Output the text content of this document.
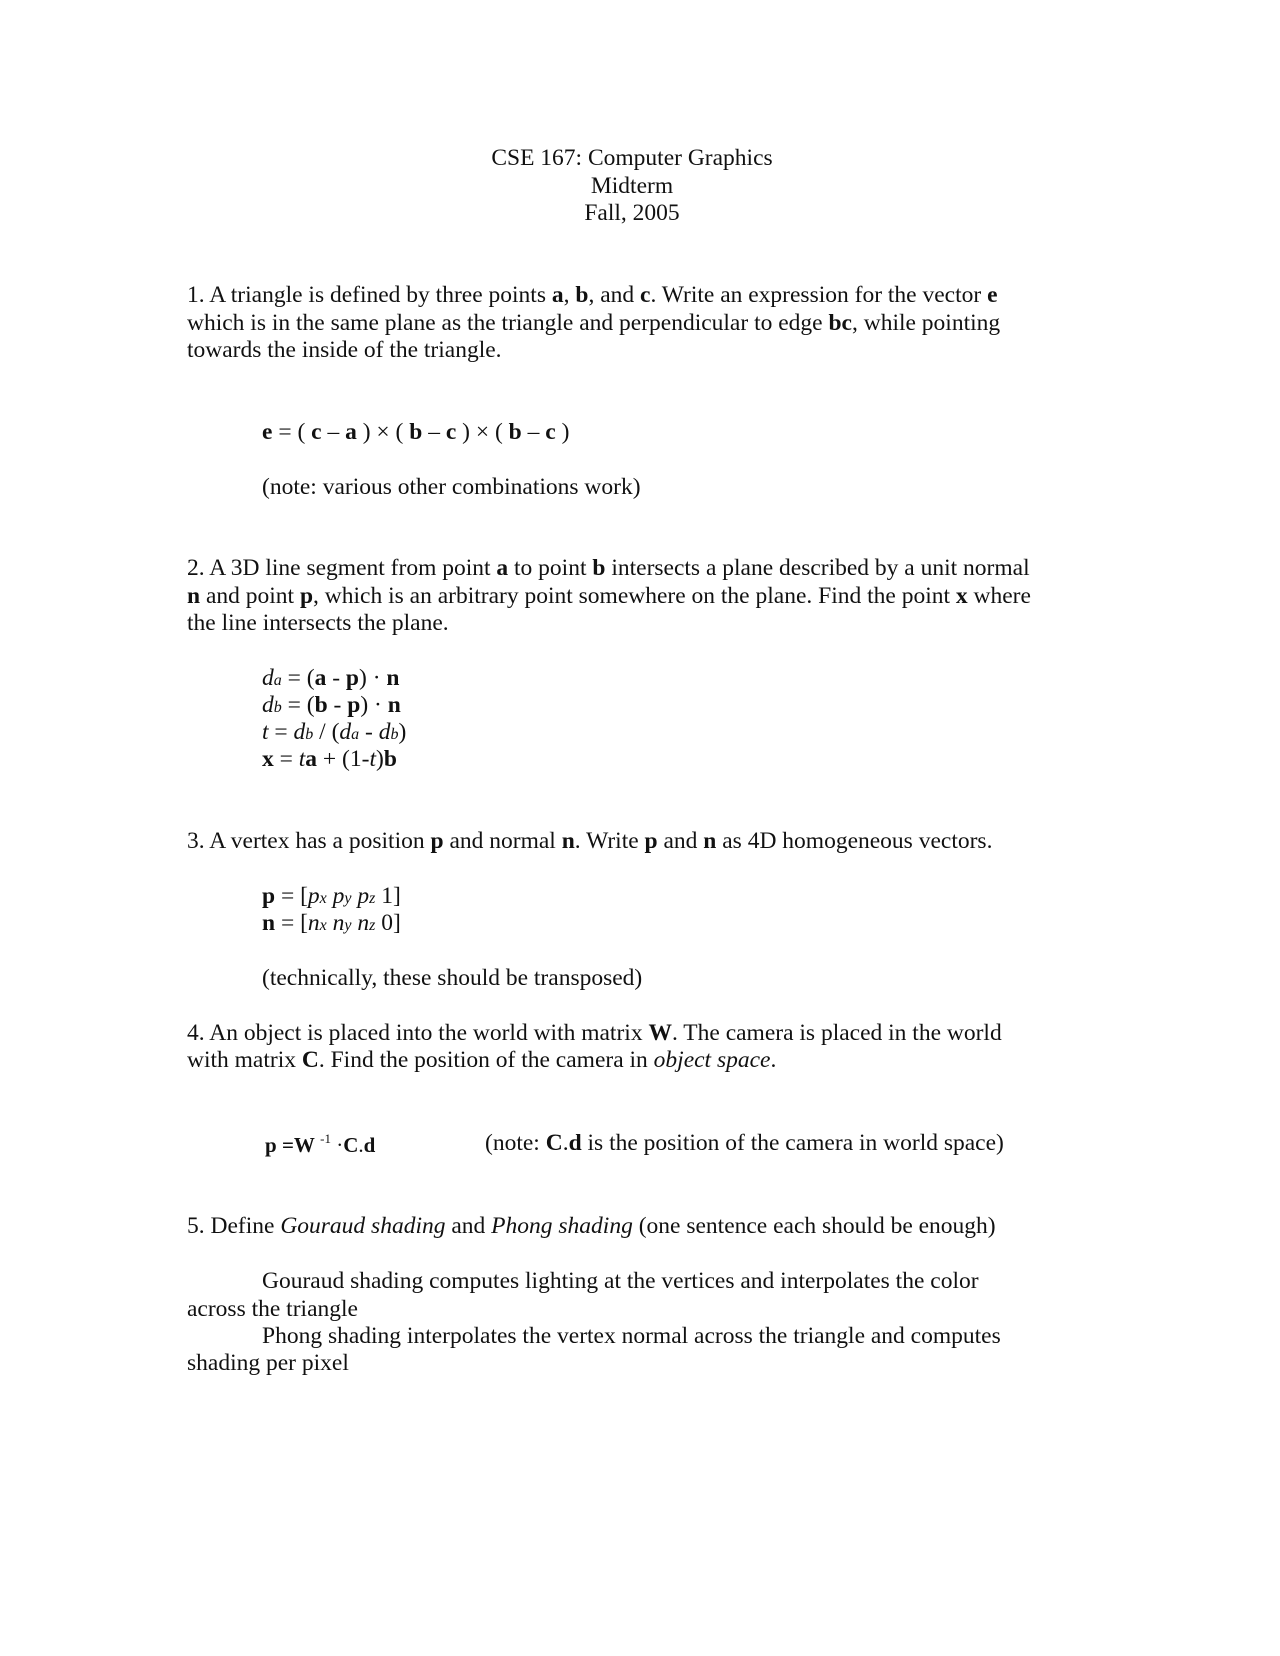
CSE 167: Computer Graphics
Midterm
Fall, 2005
1. A triangle is defined by three points a, b, and c. Write an expression for the vector e
which is in the same plane as the triangle and perpendicular to edge bc, while pointing
towards the inside of the triangle.
e = ( c – a ) × ( b – c ) × ( b – c )
(note: various other combinations work)
2. A 3D line segment from point a to point b intersects a plane described by a unit normal
n and point p, which is an arbitrary point somewhere on the plane. Find the point x where
the line intersects the plane.
da = (a - p) · n
db = (b - p) · n
t = db / (da - db)
x = ta + (1-t)b
3. A vertex has a position p and normal n. Write p and n as 4D homogeneous vectors.
p = [px py pz 1]
n = [nx ny nz 0]
(technically, these should be transposed)
4. An object is placed into the world with matrix W. The camera is placed in the world
with matrix C. Find the position of the camera in object space.
p =W $^{-1}$ ·C.d	(note: C.d is the position of the camera in world space)
5. Define Gouraud shading and Phong shading (one sentence each should be enough)
Gouraud shading computes lighting at the vertices and interpolates the color
across the triangle
Phong shading interpolates the vertex normal across the triangle and computes
shading per pixel
